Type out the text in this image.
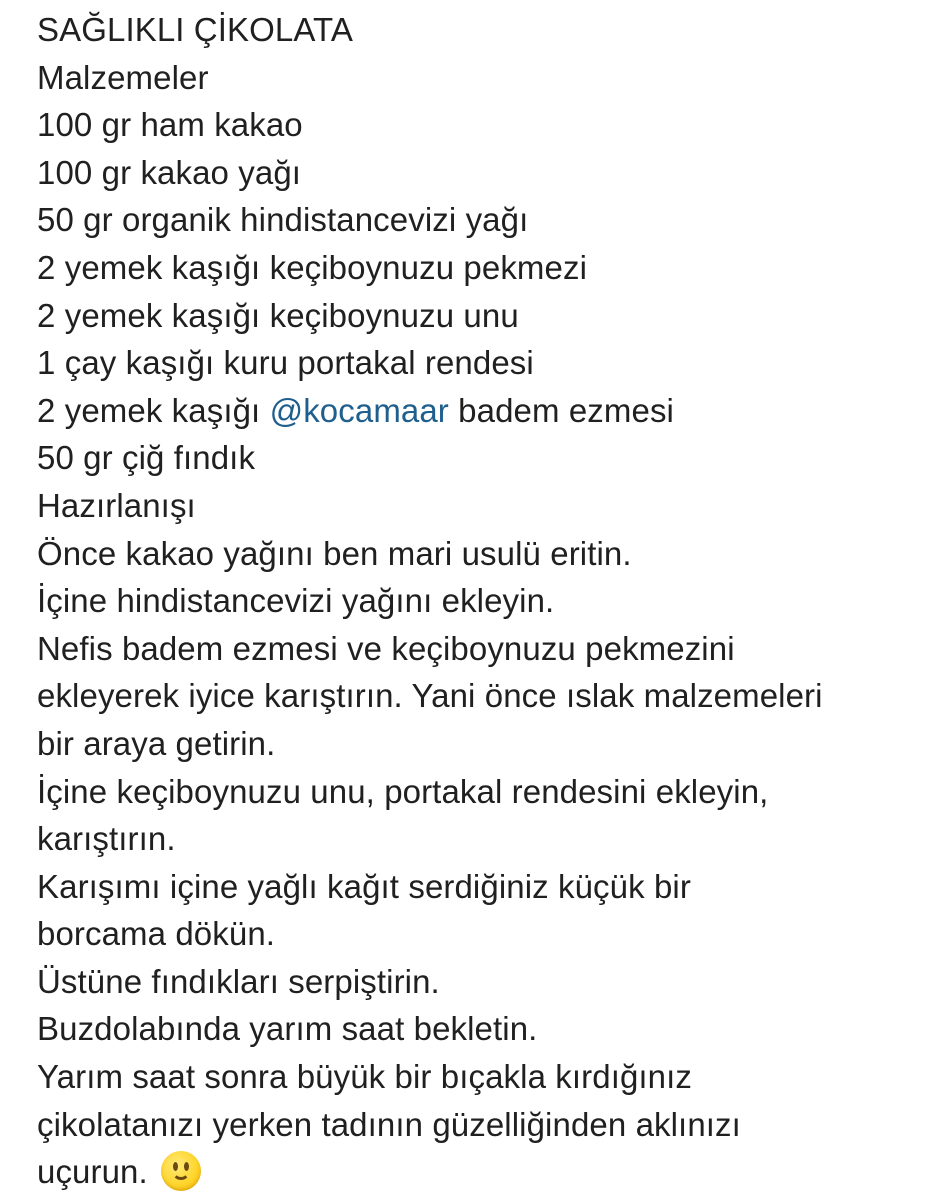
SAĞLIKLI ÇİKOLATA
Malzemeler
100 gr ham kakao
100 gr kakao yağı
50 gr organik hindistancevizi yağı
2 yemek kaşığı keçiboynuzu pekmezi
2 yemek kaşığı keçiboynuzu unu
1 çay kaşığı kuru portakal rendesi
2 yemek kaşığı @kocamaar badem ezmesi
50 gr çiğ fındık
Hazırlanışı
Önce kakao yağını ben mari usulü eritin.
İçine hindistancevizi yağını ekleyin.
Nefis badem ezmesi ve keçiboynuzu pekmezini
ekleyerek iyice karıştırın. Yani önce ıslak malzemeleri
bir araya getirin.
İçine keçiboynuzu unu, portakal rendesini ekleyin,
karıştırın.
Karışımı içine yağlı kağıt serdiğiniz küçük bir
borcama dökün.
Üstüne fındıkları serpiştirin.
Buzdolabında yarım saat bekletin.
Yarım saat sonra büyük bir bıçakla kırdığınız
çikolatanızı yerken tadının güzelliğinden aklınızı
uçurun.
